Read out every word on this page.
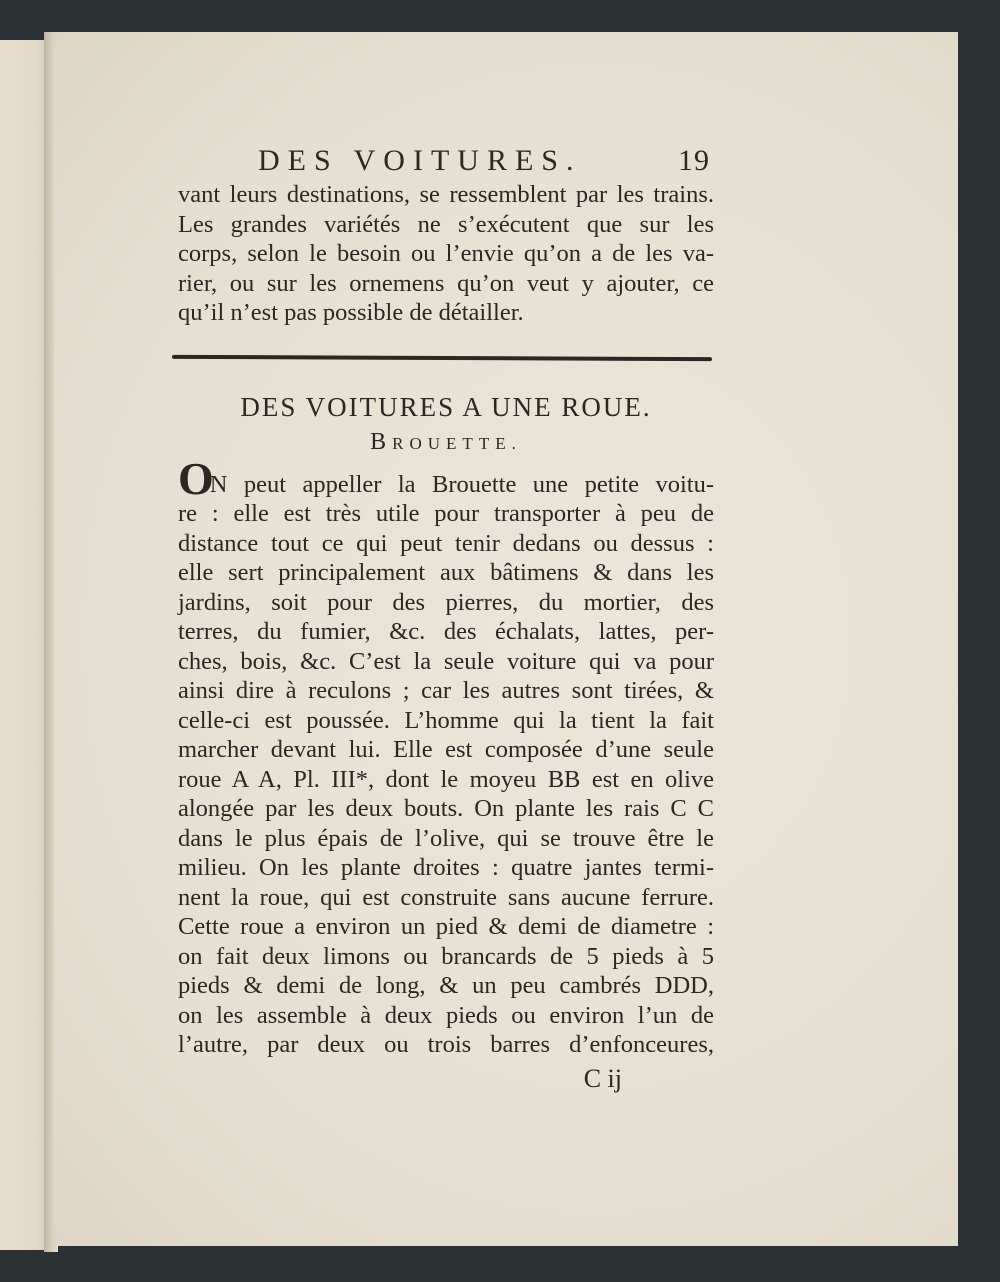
DES VOITURES.	19
vant leurs destinations, se ressemblent par les trains.
Les grandes variétés ne s’exécutent que sur les
corps, selon le besoin ou l’envie qu’on a de les va-
rier, ou sur les ornemens qu’on veut y ajouter, ce
qu’il n’est pas possible de détailler.
DES VOITURES A UNE ROUE.
BROUETTE.
ON peut appeller la Brouette une petite voitu-
re : elle est très utile pour transporter à peu de
distance tout ce qui peut tenir dedans ou dessus :
elle sert principalement aux bâtimens & dans les
jardins, soit pour des pierres, du mortier, des
terres, du fumier, &c. des échalats, lattes, per-
ches, bois, &c. C’est la seule voiture qui va pour
ainsi dire à reculons ; car les autres sont tirées, &
celle-ci est poussée. L’homme qui la tient la fait
marcher devant lui. Elle est composée d’une seule
roue A A, Pl. III*, dont le moyeu BB est en olive
alongée par les deux bouts. On plante les rais C C
dans le plus épais de l’olive, qui se trouve être le
milieu. On les plante droites : quatre jantes termi-
nent la roue, qui est construite sans aucune ferrure.
Cette roue a environ un pied & demi de diametre :
on fait deux limons ou brancards de 5 pieds à 5
pieds & demi de long, & un peu cambrés DDD,
on les assemble à deux pieds ou environ l’un de
l’autre, par deux ou trois barres d’enfonceures,
C ij
